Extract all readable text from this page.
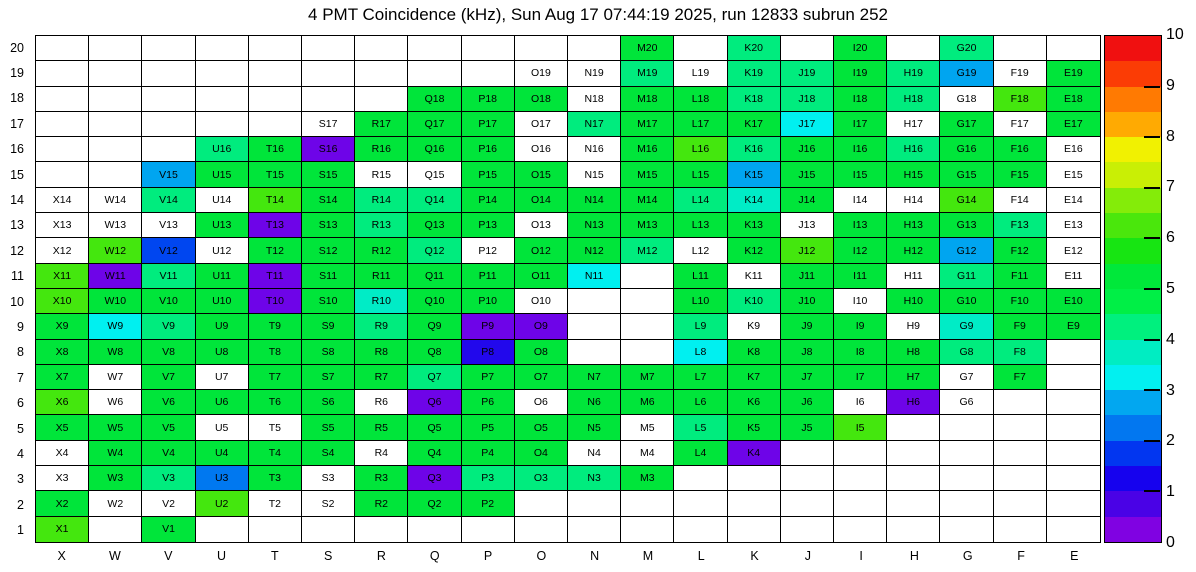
4 PMT Coincidence (kHz), Sun Aug 17 07:44:19 2025, run 12833 subrun 252
20
19
18
17
16
15
14
13
12
11
10
9
8
7
6
5
4
3
2
1
M20	K20	I20	G20
O19	N19	M19	L19	K19	J19	I19	H19	G19	F19	E19
Q18	P18	O18	N18	M18	L18	K18	J18	I18	H18	G18	F18	E18
S17	R17	Q17	P17	O17	N17	M17	L17	K17	J17	I17	H17	G17	F17	E17
U16	T16	S16	R16	Q16	P16	O16	N16	M16	L16	K16	J16	I16	H16	G16	F16	E16
V15	U15	T15	S15	R15	Q15	P15	O15	N15	M15	L15	K15	J15	I15	H15	G15	F15	E15
X14	W14	V14	U14	T14	S14	R14	Q14	P14	O14	N14	M14	L14	K14	J14	I14	H14	G14	F14	E14
X13	W13	V13	U13	T13	S13	R13	Q13	P13	O13	N13	M13	L13	K13	J13	I13	H13	G13	F13	E13
X12	W12	V12	U12	T12	S12	R12	Q12	P12	O12	N12	M12	L12	K12	J12	I12	H12	G12	F12	E12
X11	W11	V11	U11	T11	S11	R11	Q11	P11	O11	N11	L11	K11	J11	I11	H11	G11	F11	E11
X10	W10	V10	U10	T10	S10	R10	Q10	P10	O10	L10	K10	J10	I10	H10	G10	F10	E10
X9	W9	V9	U9	T9	S9	R9	Q9	P9	O9	L9	K9	J9	I9	H9	G9	F9	E9
X8	W8	V8	U8	T8	S8	R8	Q8	P8	O8	L8	K8	J8	I8	H8	G8	F8
X7	W7	V7	U7	T7	S7	R7	Q7	P7	O7	N7	M7	L7	K7	J7	I7	H7	G7	F7
X6	W6	V6	U6	T6	S6	R6	Q6	P6	O6	N6	M6	L6	K6	J6	I6	H6	G6
X5	W5	V5	U5	T5	S5	R5	Q5	P5	O5	N5	M5	L5	K5	J5	I5
X4	W4	V4	U4	T4	S4	R4	Q4	P4	O4	N4	M4	L4	K4
X3	W3	V3	U3	T3	S3	R3	Q3	P3	O3	N3	M3
X2	W2	V2	U2	T2	S2	R2	Q2	P2
X1	V1
X	W	V	U	T	S	R	Q	P	O	N	M	L	K	J	I	H	G	F	E
0
1
2
3
4
5
6
7
8
9
10
